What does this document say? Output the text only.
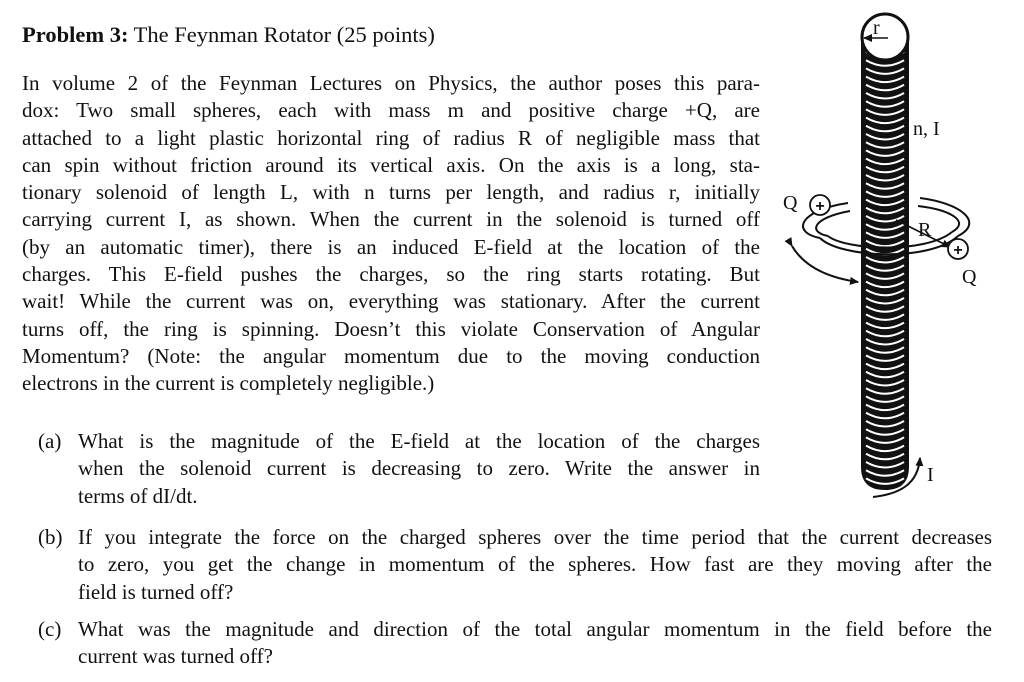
Problem 3: The Feynman Rotator (25 points)
In volume 2 of the Feynman Lectures on Physics, the author poses this para-
dox: Two small spheres, each with mass m and positive charge +Q, are
attached to a light plastic horizontal ring of radius R of negligible mass that
can spin without friction around its vertical axis. On the axis is a long, sta-
tionary solenoid of length L, with n turns per length, and radius r, initially
carrying current I, as shown. When the current in the solenoid is turned off
(by an automatic timer), there is an induced E-field at the location of the
charges. This E-field pushes the charges, so the ring starts rotating. But
wait! While the current was on, everything was stationary. After the current
turns off, the ring is spinning. Doesn’t this violate Conservation of Angular
Momentum? (Note: the angular momentum due to the moving conduction
electrons in the current is completely negligible.)
(a) What is the magnitude of the E-field at the location of the charges
when the solenoid current is decreasing to zero. Write the answer in
terms of dI/dt.
(b) If you integrate the force on the charged spheres over the time period that the current decreases
to zero, you get the change in momentum of the spheres. How fast are they moving after the
field is turned off?
(c) What was the magnitude and direction of the total angular momentum in the field before the
current was turned off?
+
+
r
n, I
Q
R
Q
I
